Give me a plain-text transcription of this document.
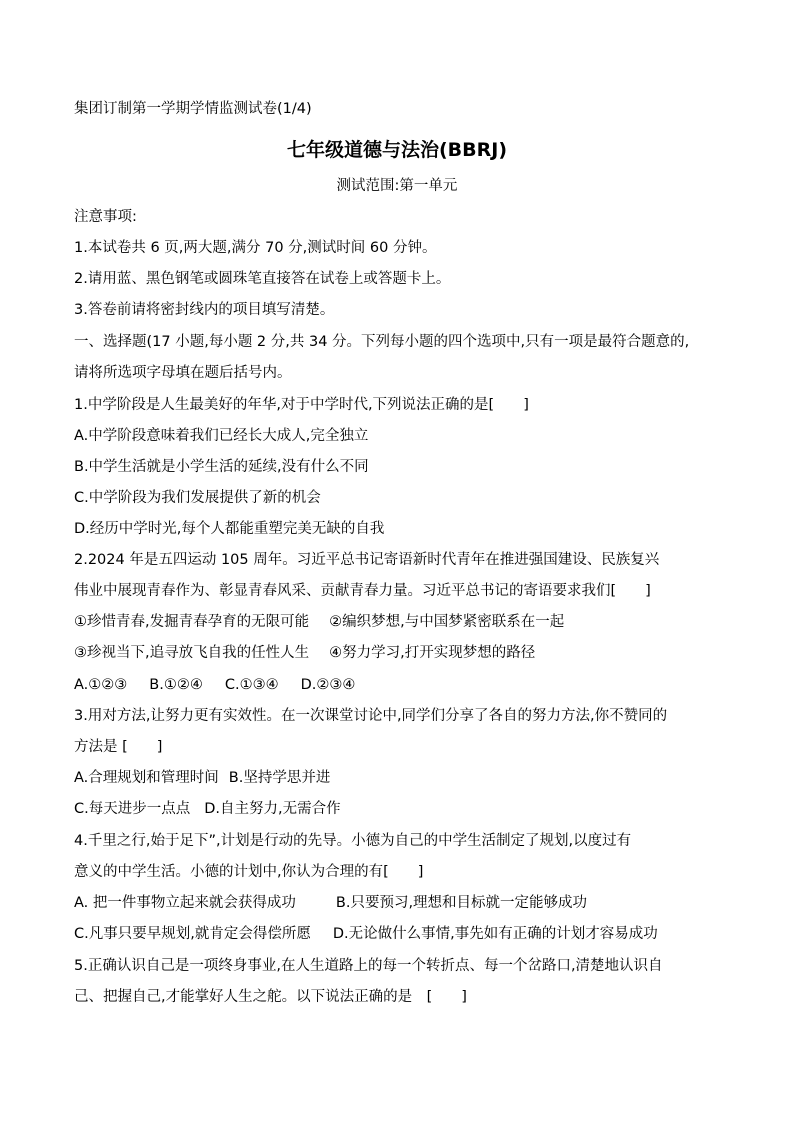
集团订制第一学期学情监测试卷(1/4)
七年级道德与法治(BBRJ)
测试范围:第一单元
注意事项:
1.本试卷共 6 页,两大题,满分 70 分,测试时间 60 分钟。
2.请用蓝、黑色钢笔或圆珠笔直接答在试卷上或答题卡上。
3.答卷前请将密封线内的项目填写清楚。
一、选择题(17 小题,每小题 2 分,共 34 分。下列每小题的四个选项中,只有一项是最符合题意的,
请将所选项字母填在题后括号内。
1.中学阶段是人生最美好的年华,对于中学时代,下列说法正确的是[　　]
A.中学阶段意味着我们已经长大成人,完全独立
B.中学生活就是小学生活的延续,没有什么不同
C.中学阶段为我们发展提供了新的机会
D.经历中学时光,每个人都能重塑完美无缺的自我
2.2024 年是五四运动 105 周年。习近平总书记寄语新时代青年在推进强国建设、民族复兴
伟业中展现青春作为、彰显青春风采、贡献青春力量。习近平总书记的寄语要求我们[　　]
①珍惜青春,发掘青春孕育的无限可能 ②编织梦想,与中国梦紧密联系在一起
③珍视当下,追寻放飞自我的任性人生 ④努力学习,打开实现梦想的路径
A.①②③ B.①②④ C.①③④ D.②③④
3.用对方法,让努力更有实效性。在一次课堂讨论中,同学们分享了各自的努力方法,你不赞同的
方法是 [　　]
A.合理规划和管理时间 B.坚持学思并进
C.每天进步一点点 D.自主努力,无需合作
4.千里之行,始于足下”,计划是行动的先导。小德为自己的中学生活制定了规划,以度过有
意义的中学生活。小德的计划中,你认为合理的有[　　]
A. 把一件事物立起来就会获得成功	B.只要预习,理想和目标就一定能够成功
C.凡事只要早规划,就肯定会得偿所愿 D.无论做什么事情,事先如有正确的计划才容易成功
5.正确认识自己是一项终身事业,在人生道路上的每一个转折点、每一个岔路口,清楚地认识自
己、把握自己,才能掌好人生之舵。以下说法正确的是　[　　]
